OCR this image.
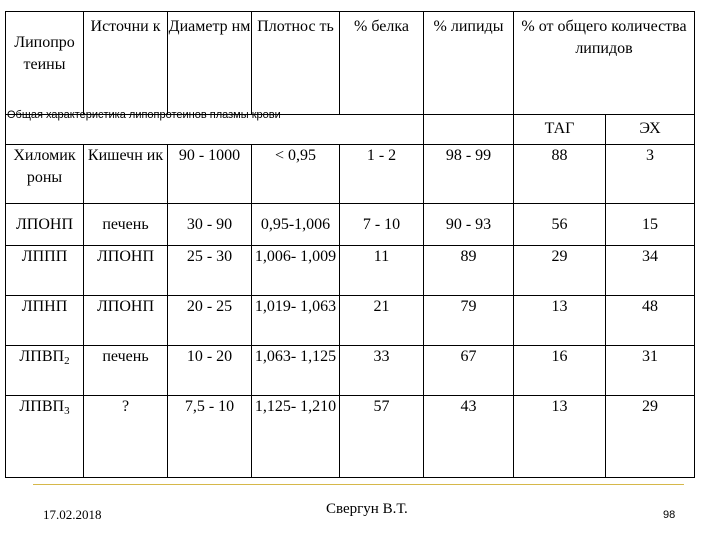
Липопро теины	Источни к	Диаметр нм	Плотнос ть	% белка	% липиды	% от общего количества липидов	
						ТАГ	ЭХ
Хиломик роны	Кишечн ик	90 - 1000	< 0,95	1 - 2	98 - 99	88	3
ЛПОНП	печень	30 - 90	0,95-1,006	7 - 10	90 - 93	56	15
ЛППП	ЛПОНП	25 - 30	1,006- 1,009	11	89	29	34
ЛПНП	ЛПОНП	20 - 25	1,019- 1,063	21	79	13	48
$ЛПВП_2$	печень	10 - 20	1,063- 1,125	33	67	16	31
$ЛПВП_3$	?	7,5 - 10	1,125- 1,210	57	43	13	29
Общая характеристика липопротеинов плазмы крови
17.02.2018	Свергун В.Т.	98
